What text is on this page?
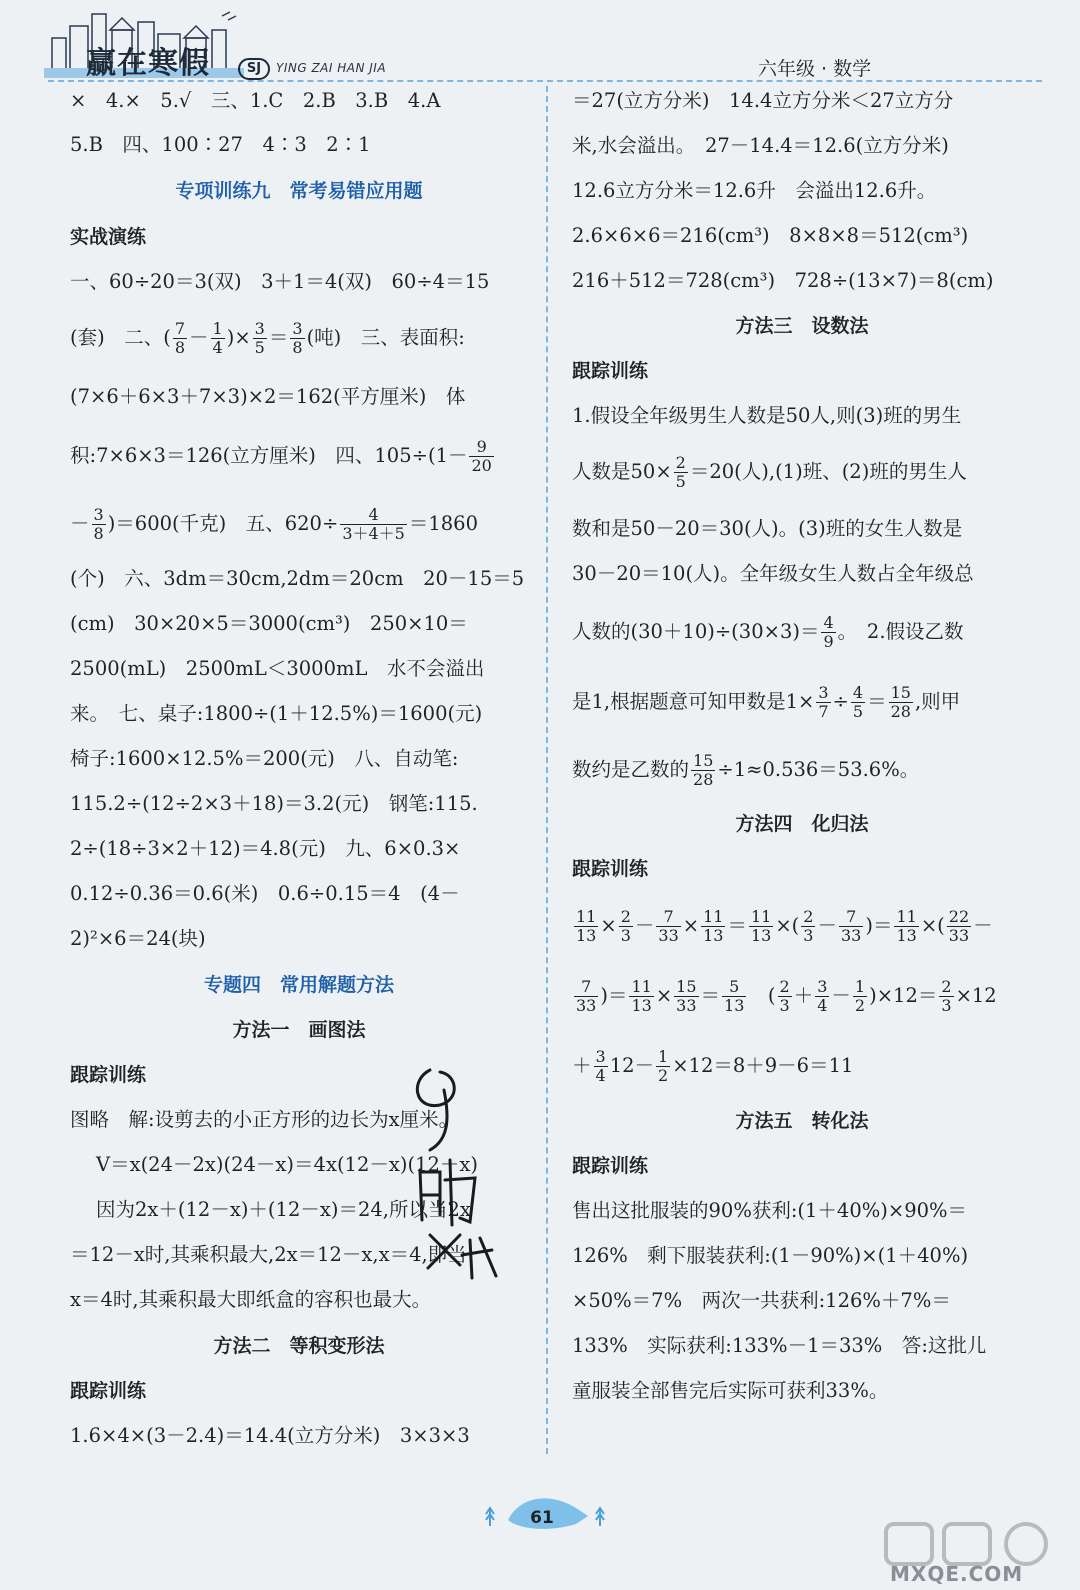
赢在寒假	SJ	YING ZAI HAN JIA	六年级 · 数学
×　4.×　5.√　三、1.C　2.B　3.B　4.A
5.B　四、100∶27　4∶3　2∶1
专项训练九　常考易错应用题
实战演练
一、60÷20＝3(双)　3＋1＝4(双)　60÷4＝15
(套)　二、( $\frac{7}{8} - \frac{1}{4}$ )× $\frac{3}{5} = \frac{3}{8}$ (吨)　三、表面积:
(7×6＋6×3＋7×3)×2＝162(平方厘米)　体
积:7×6×3＝126(立方厘米)　四、$105\div(1- \frac{9}{20}$
－ $\frac{3}{8} )=600$(千克)　五、$620\div \frac{4}{3+4+5} =1860$
(个)　六、3dm＝30cm,2dm＝20cm　20－15＝5
(cm)　30×20×5＝3000(cm³)　250×10＝
2500(mL)　2500mL＜3000mL　水不会溢出
来。　七、桌子:1800÷(1＋12.5%)＝1600(元)
椅子:1600×12.5%＝200(元)　八、自动笔:
115.2÷(12÷2×3＋18)＝3.2(元)　钢笔:115.
2÷(18÷3×2＋12)＝4.8(元)　九、6×0.3×
0.12÷0.36＝0.6(米)　0.6÷0.15＝4　(4－
2)²×6＝24(块)
专题四　常用解题方法
方法一　画图法
跟踪训练
图略　解:设剪去的小正方形的边长为x厘米。
V＝x(24－2x)(24－x)＝4x(12－x)(12－x)
因为2x＋(12－x)＋(12－x)＝24,所以当2x
＝12－x时,其乘积最大,2x＝12－x,x＝4,即当
x＝4时,其乘积最大即纸盒的容积也最大。
方法二　等积变形法
跟踪训练
1.6×4×(3－2.4)＝14.4(立方分米)　3×3×3
＝27(立方分米)　14.4立方分米＜27立方分
米,水会溢出。　27－14.4＝12.6(立方分米)
12.6立方分米＝12.6升　会溢出12.6升。
2.6×6×6＝216(cm³)　8×8×8＝512(cm³)
216＋512＝728(cm³)　728÷(13×7)＝8(cm)
方法三　设数法
跟踪训练
1.假设全年级男生人数是50人,则(3)班的男生
人数是$50\times \frac{2}{5} =20$(人),(1)班、(2)班的男生人
数和是50－20＝30(人)。(3)班的女生人数是
30－20＝10(人)。全年级女生人数占全年级总
人数的$(30+10)\div(30\times 3)= \frac{4}{9}$ 。　2.假设乙数
是1,根据题意可知甲数是$1\times \frac{3}{7} \div \frac{4}{5} = \frac{15}{28}$ ,则甲
数约是乙数的 $\frac{15}{28} \div 1\approx 0.536=53.6\%$。
方法四　化归法
跟踪训练
$\frac{11}{13} \times \frac{2}{3} - \frac{7}{33} \times \frac{11}{13} = \frac{11}{13}$ ×( $\frac{2}{3} - \frac{7}{33}$ )＝ $\frac{11}{13}$ ×( $\frac{22}{33}$ －
$\frac{7}{33}$ )＝ $\frac{11}{13} \times \frac{15}{33} = \frac{5}{13}$ 　( $\frac{2}{3} + \frac{3}{4} - \frac{1}{2} )\times 12= \frac{2}{3} \times 12$
＋ $\frac{3}{4} 12- \frac{1}{2} \times 12=8+9-6=11$
方法五　转化法
跟踪训练
售出这批服装的90%获利:(1＋40%)×90%＝
126%　剩下服装获利:(1－90%)×(1＋40%)
×50%＝7%　两次一共获利:126%＋7%＝
133%　实际获利:133%－1＝33%　答:这批儿
童服装全部售完后实际可获利33%。
61
MXQE.COM
